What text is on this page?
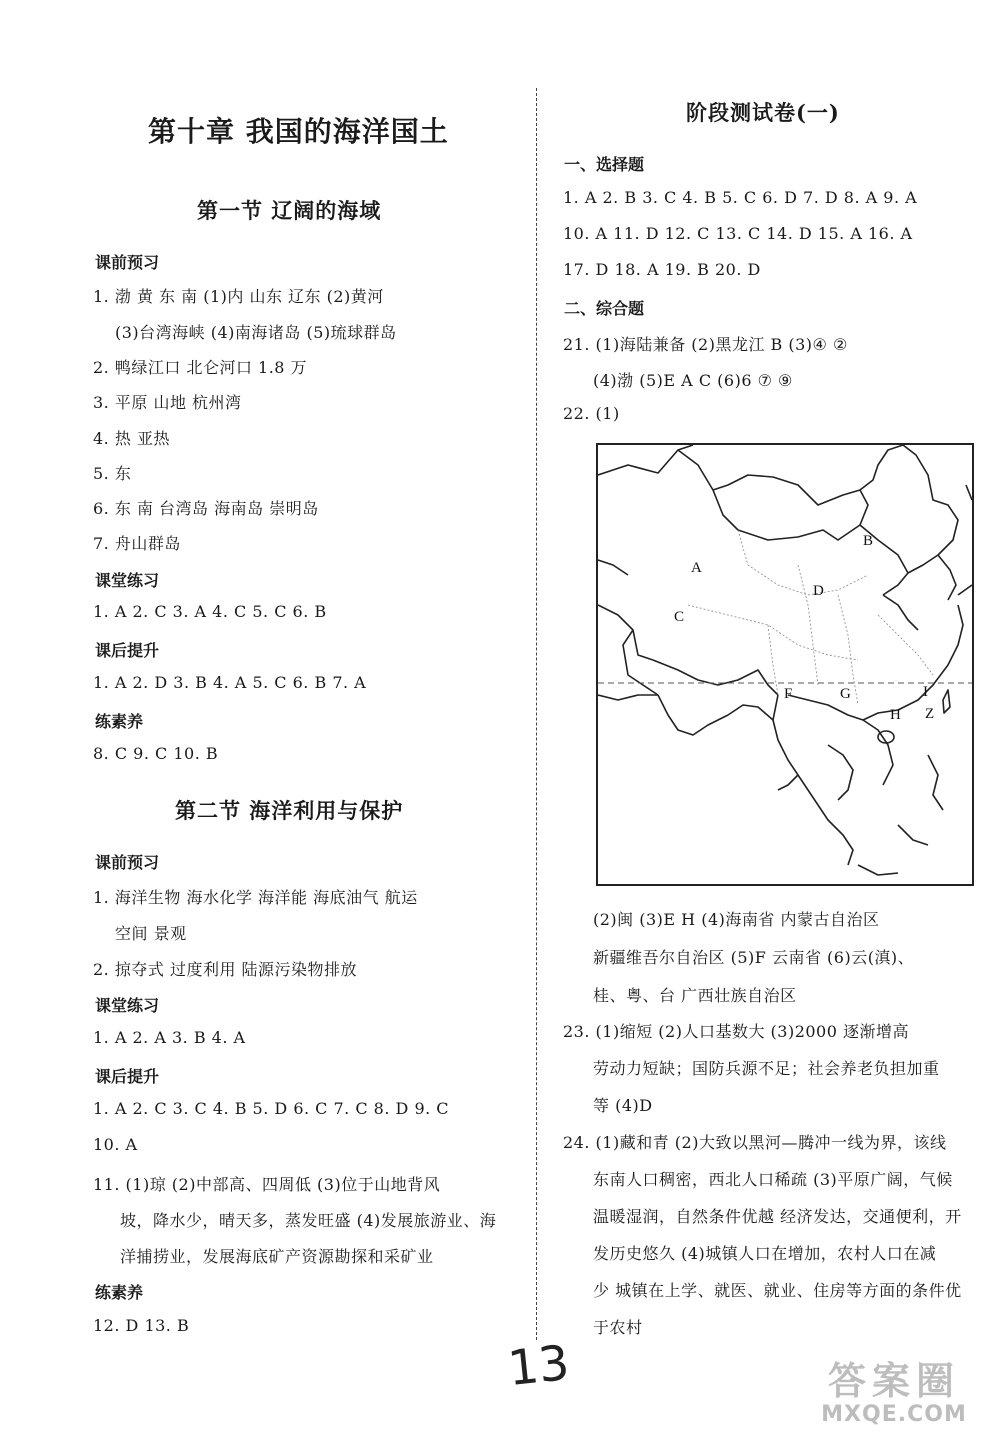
第十章 我国的海洋国土
第一节 辽阔的海域
课前预习
1. 渤 黄 东 南 (1)内 山东 辽东 (2)黄河
(3)台湾海峡 (4)南海诸岛 (5)琉球群岛
2. 鸭绿江口 北仑河口 1.8 万
3. 平原 山地 杭州湾
4. 热 亚热
5. 东
6. 东 南 台湾岛 海南岛 崇明岛
7. 舟山群岛
课堂练习
1. A 2. C 3. A 4. C 5. C 6. B
课后提升
1. A 2. D 3. B 4. A 5. C 6. B 7. A
练素养
8. C 9. C 10. B
第二节 海洋利用与保护
课前预习
1. 海洋生物 海水化学 海洋能 海底油气 航运
空间 景观
2. 掠夺式 过度利用 陆源污染物排放
课堂练习
1. A 2. A 3. B 4. A
课后提升
1. A 2. C 3. C 4. B 5. D 6. C 7. C 8. D 9. C
10. A
11. (1)琼 (2)中部高、四周低 (3)位于山地背风
坡，降水少，晴天多，蒸发旺盛 (4)发展旅游业、海
洋捕捞业，发展海底矿产资源勘探和采矿业
练素养
12. D 13. B
阶段测试卷(一)
一、选择题
1. A 2. B 3. C 4. B 5. C 6. D 7. D 8. A 9. A
10. A 11. D 12. C 13. C 14. D 15. A 16. A
17. D 18. A 19. B 20. D
二、综合题
21. (1)海陆兼备 (2)黑龙江 B (3)④ ②
(4)渤 (5)E A C (6)6 ⑦ ⑨
22. (1)
A
B
C
D
F	G
H
I
Z
(2)闽 (3)E H (4)海南省 内蒙古自治区
新疆维吾尔自治区 (5)F 云南省 (6)云(滇)、
桂、粤、台 广西壮族自治区
23. (1)缩短 (2)人口基数大 (3)2000 逐渐增高
劳动力短缺；国防兵源不足；社会养老负担加重
等 (4)D
24. (1)藏和青 (2)大致以黑河—腾冲一线为界，该线
东南人口稠密，西北人口稀疏 (3)平原广阔，气候
温暖湿润，自然条件优越 经济发达，交通便利，开
发历史悠久 (4)城镇人口在增加，农村人口在减
少 城镇在上学、就医、就业、住房等方面的条件优
于农村
13	答案圈
MXQE.COM
